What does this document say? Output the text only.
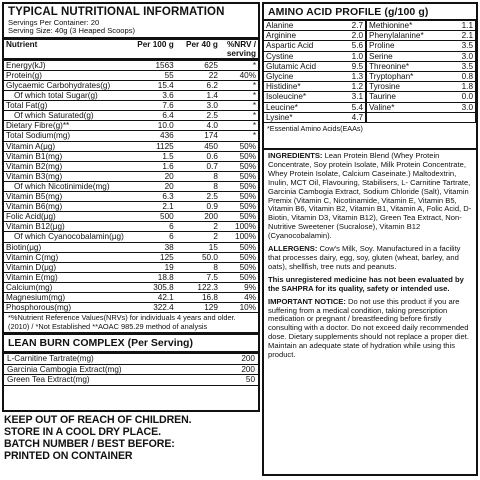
TYPICAL NUTRITIONAL INFORMATION
Servings Per Container: 20
Serving Size: 40g (3 Heaped Scoops)
Nutrient	Per 100 g	Per 40 g	%NRV / serving
Energy(kJ)	1563	625	*
Protein(g)	55	22	40%
Glycaemic Carbohydrates(g)	15.4	6.2	*
Of which total Sugar(g)	3.6	1.4	*
Total Fat(g)	7.6	3.0	*
Of which Saturated(g)	6.4	2.5	*
Dietary Fibre(g)**	10.0	4.0	*
Total Sodium(mg)	436	174	*
Vitamin A(μg)	1125	450	50%
Vitamin B1(mg)	1.5	0.6	50%
Vitamin B2(mg)	1.6	0.7	50%
Vitamin B3(mg)	20	8	50%
Of which Nicotinimide(mg)	20	8	50%
Vitamin B5(mg)	6.3	2.5	50%
Vitamin B6(mg)	2.1	0.9	50%
Folic Acid(μg)	500	200	50%
Vitamin B12(μg)	6	2	100%
Of which Cyanocobalamin(μg)	6	2	100%
Biotin(μg)	38	15	50%
Vitamin C(mg)	125	50.0	50%
Vitamin D(μg)	19	8	50%
Vitamin E(mg)	18.8	7.5	50%
Calcium(mg)	305.8	122.3	9%
Magnesium(mg)	42.1	16.8	4%
Phosphorous(mg)	322.4	129	10%
*%Nutrient Reference Values(NRVs) for individuals 4 years and older. (2010) / *Not Established **AOAC 985.29 method of analysis
LEAN BURN COMPLEX (Per Serving)
L-Carnitine Tartrate(mg)	200
Garcinia Cambogia Extract(mg)	200
Green Tea Extract(mg)	50
KEEP OUT OF REACH OF CHILDREN.
STORE IN A COOL DRY PLACE.
BATCH NUMBER / BEST BEFORE:
PRINTED ON CONTAINER
AMINO ACID PROFILE (g/100 g)
Alanine	2.7	Methionine*	1.1
Arginine	2.0	Phenylalanine*	2.1
Aspartic Acid	5.6	Proline	3.5
Cystine	1.0	Serine	3.0
Glutamic Acid	9.5	Threonine*	3.5
Glycine	1.3	Tryptophan*	0.8
Histidine*	1.2	Tyrosine	1.8
Isoleucine*	3.1	Taurine	0.0
Leucine*	5.4	Valine*	3.0
Lysine*	4.7		
*Essential Amino Acids(EAAs)

INGREDIENTS: Lean Protein Blend (Whey Protein Concentrate, Soy protein Isolate, Milk Protein Concentrate, Whey Protein Isolate, Calcium Caseinate.) Maltodextrin, Inulin, MCT Oil, Flavouring, Stabilisers, L- Carnitine Tartrate, Garcinia Cambogia Extract, Sodium Chloride (Salt), Vitamin Premix (Vitamin C, Nicotinamide, Vitamin E, Vitamin B5, Vitamin B6, Vitamin B2, Vitamin B1, Vitamin A, Folic Acid, D-Biotin, Vitamin D3, Vitamin B12), Green Tea Extract, Non-Nutritive Sweetener (Sucralose), Vitamin B12 (Cyanocobalamin).

ALLERGENS: Cow's Milk, Soy. Manufactured in a facility that processes dairy, egg, soy, gluten (wheat, barley, and oats), shellfish, tree nuts and peanuts.

This unregistered medicine has not been evaluated by the SAHPRA for its quality, safety or intended use.

IMPORTANT NOTICE: Do not use this product if you are suffering from a medical condition, taking prescription medication or pregnant / breastfeeding before firstly consulting with a doctor. Do not exceed daily recommended dose. Dietary supplements should not replace a proper diet. Maintain an adequate state of hydration while using this product.
